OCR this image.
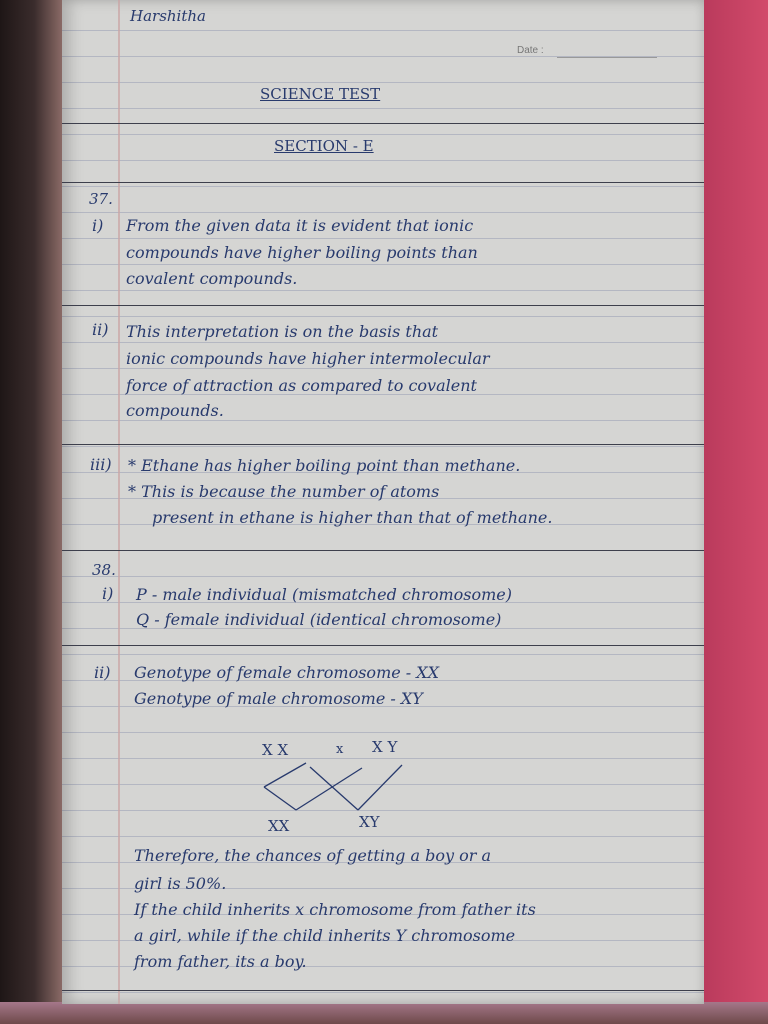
Harshitha
Date :
SCIENCE TEST
SECTION - E
37.
i) From the given data it is evident that ionic
compounds have higher boiling points than
covalent compounds.
ii) This interpretation is on the basis that
ionic compounds have higher intermolecular
force of attraction as compared to covalent
compounds.
iii) * Ethane has higher boiling point than methane.
* This is because the number of atoms
present in ethane is higher than that of methane.
38.
i) P - male individual (mismatched chromosome)
Q - female individual (identical chromosome)
ii) Genotype of female chromosome - XX
Genotype of male chromosome - XY
X X	x X Y
XX	XY
Therefore, the chances of getting a boy or a
girl is 50%.
If the child inherits x chromosome from father its
a girl, while if the child inherits Y chromosome
from father, its a boy.
